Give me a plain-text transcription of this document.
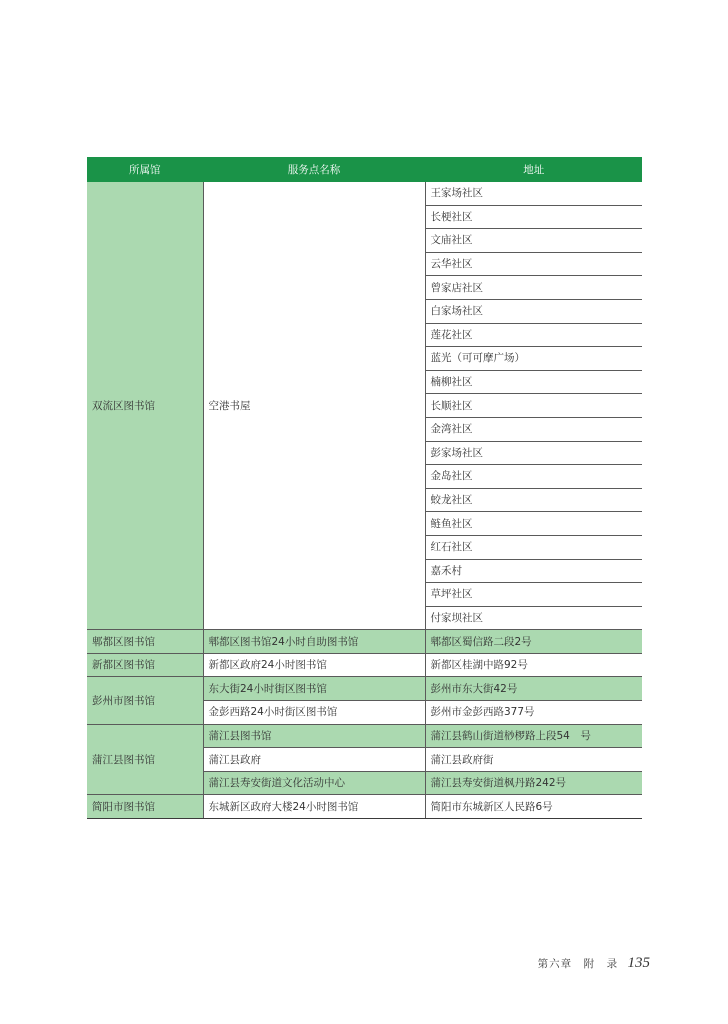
所属馆	服务点名称	地址
双流区图书馆	空港书屋	王家场社区
		长梗社区
		文庙社区
		云华社区
		曾家店社区
		白家场社区
		莲花社区
		蓝光（可可摩广场）
		楠柳社区
		长顺社区
		金湾社区
		彭家场社区
		金岛社区
		蛟龙社区
		鲢鱼社区
		红石社区
		嘉禾村
		草坪社区
		付家坝社区
郫都区图书馆	郫都区图书馆24小时自助图书馆	郫都区蜀信路二段2号
新都区图书馆	新都区政府24小时图书馆	新都区桂湖中路92号
彭州市图书馆	东大街24小时街区图书馆	彭州市东大街42号
	金彭西路24小时街区图书馆	彭州市金彭西路377号
蒲江县图书馆	蒲江县图书馆	蒲江县鹤山街道桫椤路上段54　号
	蒲江县政府	蒲江县政府街
	蒲江县寿安街道文化活动中心	蒲江县寿安街道枫丹路242号
简阳市图书馆	东城新区政府大楼24小时图书馆	简阳市东城新区人民路6号
第六章　附　录 135
